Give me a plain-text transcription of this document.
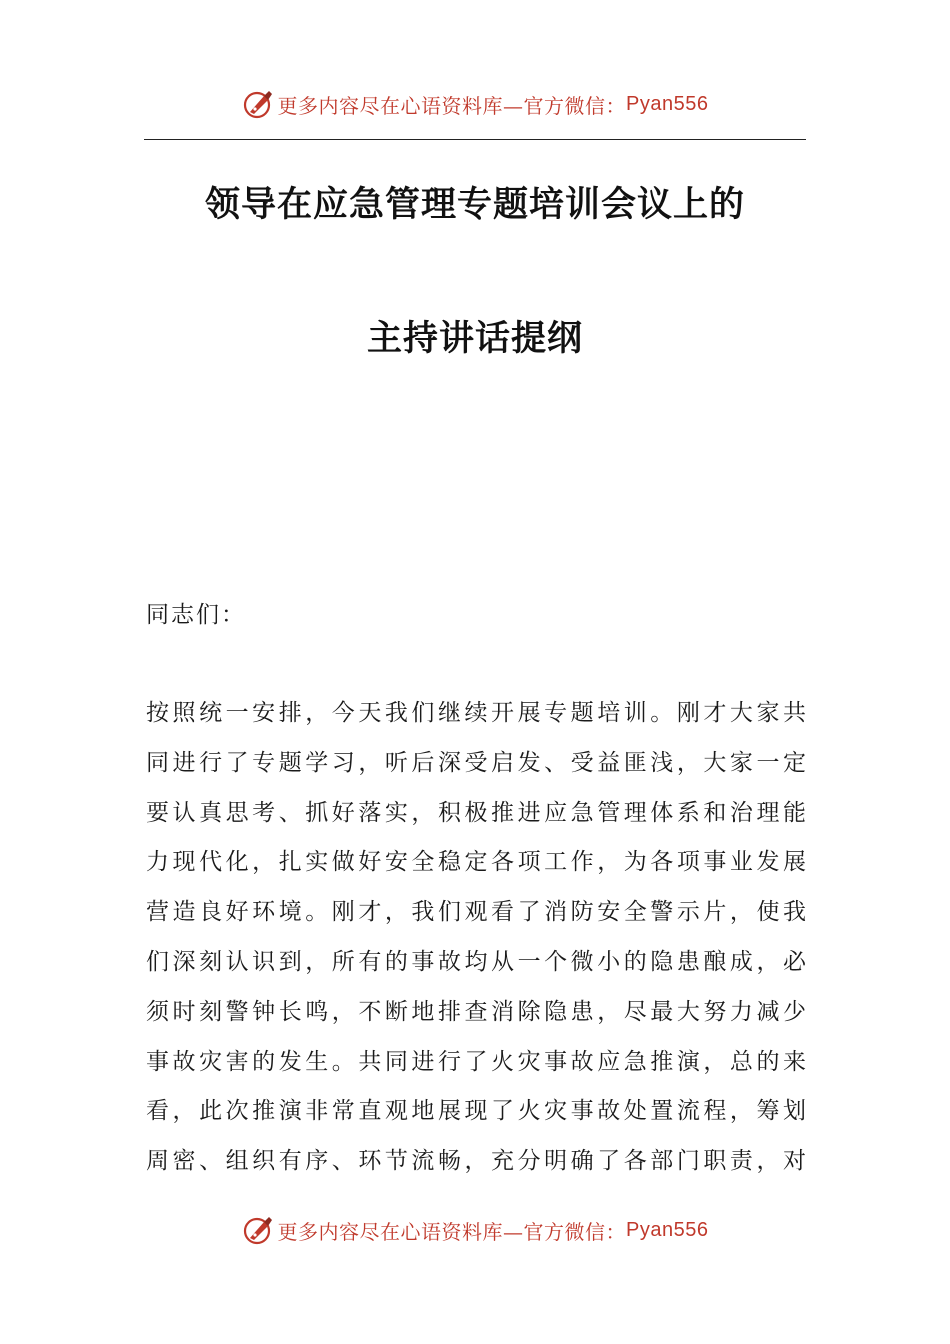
更多内容尽在心语资料库—官方微信： Pyan556
领导在应急管理专题培训会议上的
主持讲话提纲
同志们：
按照统一安排，今天我们继续开展专题培训。刚才大家共
同进行了专题学习，听后深受启发、受益匪浅，大家一定
要认真思考、抓好落实，积极推进应急管理体系和治理能
力现代化，扎实做好安全稳定各项工作，为各项事业发展
营造良好环境。刚才，我们观看了消防安全警示片，使我
们深刻认识到，所有的事故均从一个微小的隐患酿成，必
须时刻警钟长鸣，不断地排查消除隐患，尽最大努力减少
事故灾害的发生。共同进行了火灾事故应急推演，总的来
看，此次推演非常直观地展现了火灾事故处置流程，筹划
周密、组织有序、环节流畅，充分明确了各部门职责，对
更多内容尽在心语资料库—官方微信： Pyan556
